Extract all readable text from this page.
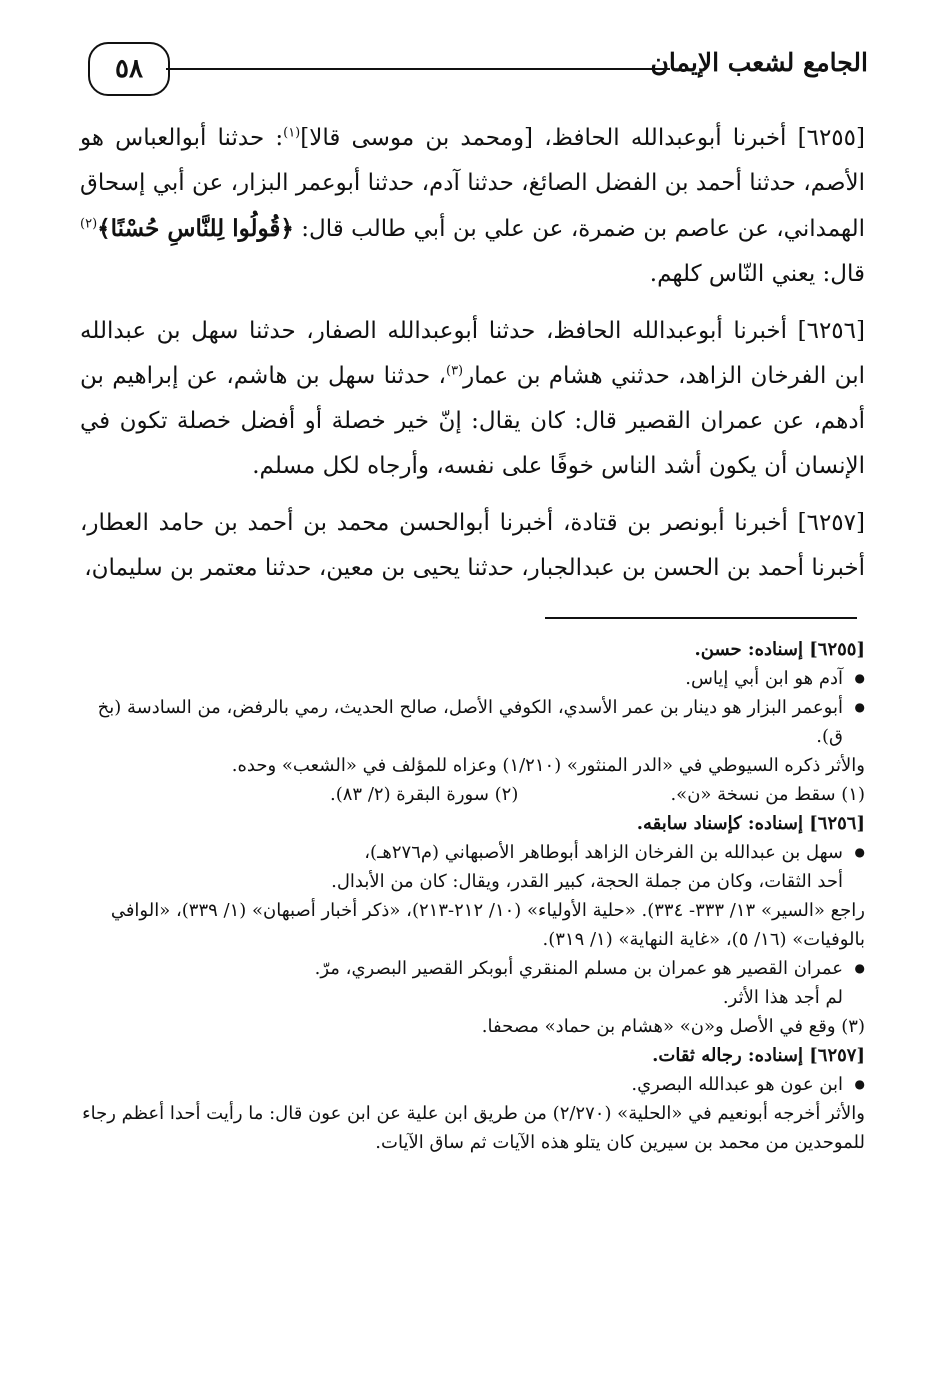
٥٨	الجامع لشعب الإيمان

[٦٢٥٥] أخبرنا أبوعبدالله الحافظ، [ومحمد بن موسى قالا]$^{(١)}$: حدثنا أبوالعباس هو الأصم، حدثنا أحمد بن الفضل الصائغ، حدثنا آدم، حدثنا أبوعمر البزار، عن أبي إسحاق الهمداني، عن عاصم بن ضمرة، عن علي بن أبي طالب قال: ﴿قُولُوا لِلنَّاسِ حُسْنًا﴾$^{(٢)}$ قال: يعني النّاس كلهم.

[٦٢٥٦] أخبرنا أبوعبدالله الحافظ، حدثنا أبوعبدالله الصفار، حدثنا سهل بن عبدالله ابن الفرخان الزاهد، حدثني هشام بن عمار$^{(٣)}$، حدثنا سهل بن هاشم، عن إبراهيم بن أدهم، عن عمران القصير قال: كان يقال: إنّ خير خصلة أو أفضل خصلة تكون في الإنسان أن يكون أشد الناس خوفًا على نفسه، وأرجاه لكل مسلم.

[٦٢٥٧] أخبرنا أبونصر بن قتادة، أخبرنا أبوالحسن محمد بن أحمد بن حامد العطار، أخبرنا أحمد بن الحسن بن عبدالجبار، حدثنا يحيى بن معين، حدثنا معتمر بن سليمان،

[٦٢٥٥] إسناده: حسن.

● آدم هو ابن أبي إياس.

● أبوعمر البزار هو دينار بن عمر الأسدي، الكوفي الأصل، صالح الحديث، رمي بالرفض، من السادسة (بخ ق).

والأثر ذكره السيوطي في «الدر المنثور» (١/٢١٠) وعزاه للمؤلف في «الشعب» وحده.

(١) سقط من نسخة «ن».
(٢) سورة البقرة (٢/ ٨٣).

[٦٢٥٦] إسناده: كإسناد سابقه.

● سهل بن عبدالله بن الفرخان الزاهد أبوطاهر الأصبهاني (م٢٧٦هـ)،

أحد الثقات، وكان من جملة الحجة، كبير القدر، ويقال: كان من الأبدال.

راجع «السير» ١٣/ ٣٣٣- ٣٣٤). «حلية الأولياء» (١٠/ ٢١٢-٢١٣)، «ذكر أخبار أصبهان» (١/ ٣٣٩)، «الوافي بالوفيات» (١٦/ ٥)، «غاية النهاية» (١/ ٣١٩).

● عمران القصير هو عمران بن مسلم المنقري أبوبكر القصير البصري، مرّ.

لم أجد هذا الأثر.

(٣) وقع في الأصل و«ن» «هشام بن حماد» مصحفا.

[٦٢٥٧] إسناده: رجاله ثقات.

● ابن عون هو عبدالله البصري.

والأثر أخرجه أبونعيم في «الحلية» (٢/٢٧٠) من طريق ابن علية عن ابن عون قال: ما رأيت أحدا أعظم رجاء للموحدين من محمد بن سيرين كان يتلو هذه الآيات ثم ساق الآيات.
